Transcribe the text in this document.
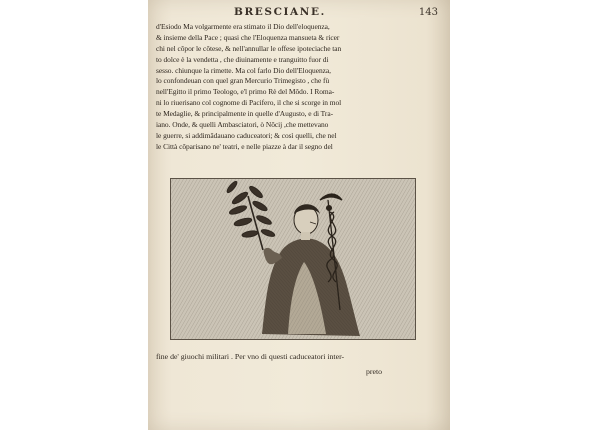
BRESCIANE.	143
d'Esiodo Ma volgarmente era stimato il Dio dell'eloquenza,
& insieme della Pace ; quasi che l'Eloquenza mansueta & ricer
chi nel côpor le côtese, & nell'annullar le offese ipoteciache tan
to dolce è la vendetta , che diuinamente e tranguitto fuor di
sesso. chiunque la rimette. Ma col farlo Dio dell'Eloquenza,
lo confondeuan con quel gran Mercurio Trimegisto , che fù
nell'Egitto il primo Teologo, e'l primo Rè del Mõdo. I Roma-
ni lo riuerisano col cognome di Pacifero, il che si scorge in mol
te Medaglie, & principalmente in quelle d'Augusto, e di Tra-
iano. Onde, & quelli Ambasciatori, ò Nõcij ,che mettevano
le guerre, si addimãdauano caduceatori; & così quelli, che nel
le Città cõparisano ne' teatri, e nelle piazze à dar il segno del
fine de' giuochi militari . Per vno di questi caduceatori inter-
preto
